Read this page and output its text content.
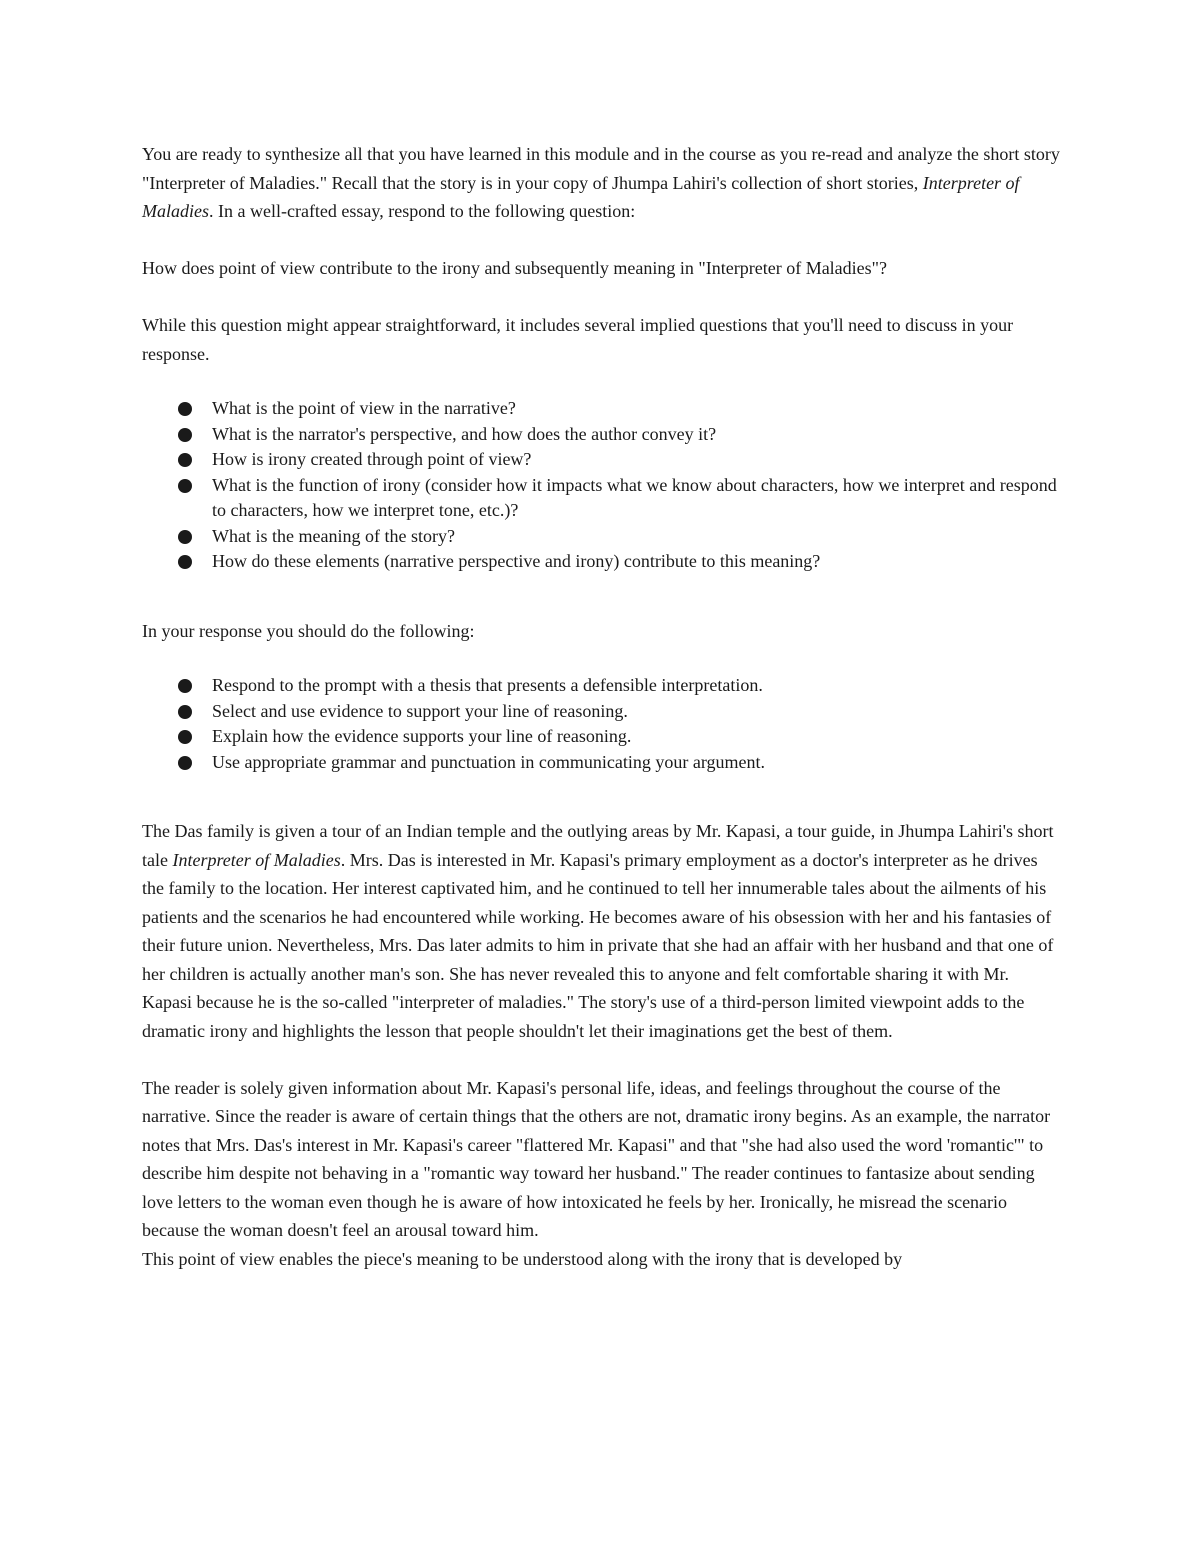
You are ready to synthesize all that you have learned in this module and in the course as you re-read and analyze the short story "Interpreter of Maladies." Recall that the story is in your copy of Jhumpa Lahiri's collection of short stories, Interpreter of Maladies. In a well-crafted essay, respond to the following question:

How does point of view contribute to the irony and subsequently meaning in "Interpreter of Maladies"?

While this question might appear straightforward, it includes several implied questions that you'll need to discuss in your response.

What is the point of view in the narrative?
What is the narrator's perspective, and how does the author convey it?
How is irony created through point of view?
What is the function of irony (consider how it impacts what we know about characters, how we interpret and respond to characters, how we interpret tone, etc.)?
What is the meaning of the story?
How do these elements (narrative perspective and irony) contribute to this meaning?

In your response you should do the following:

Respond to the prompt with a thesis that presents a defensible interpretation.
Select and use evidence to support your line of reasoning.
Explain how the evidence supports your line of reasoning.
Use appropriate grammar and punctuation in communicating your argument.

The Das family is given a tour of an Indian temple and the outlying areas by Mr. Kapasi, a tour guide, in Jhumpa Lahiri's short tale Interpreter of Maladies. Mrs. Das is interested in Mr. Kapasi's primary employment as a doctor's interpreter as he drives the family to the location. Her interest captivated him, and he continued to tell her innumerable tales about the ailments of his patients and the scenarios he had encountered while working. He becomes aware of his obsession with her and his fantasies of their future union. Nevertheless, Mrs. Das later admits to him in private that she had an affair with her husband and that one of her children is actually another man's son. She has never revealed this to anyone and felt comfortable sharing it with Mr. Kapasi because he is the so-called "interpreter of maladies." The story's use of a third-person limited viewpoint adds to the dramatic irony and highlights the lesson that people shouldn't let their imaginations get the best of them.

The reader is solely given information about Mr. Kapasi's personal life, ideas, and feelings throughout the course of the narrative. Since the reader is aware of certain things that the others are not, dramatic irony begins. As an example, the narrator notes that Mrs. Das's interest in Mr. Kapasi's career "flattered Mr. Kapasi" and that "she had also used the word 'romantic'" to describe him despite not behaving in a "romantic way toward her husband." The reader continues to fantasize about sending love letters to the woman even though he is aware of how intoxicated he feels by her. Ironically, he misread the scenario because the woman doesn't feel an arousal toward him.

This point of view enables the piece's meaning to be understood along with the irony that is developed by
